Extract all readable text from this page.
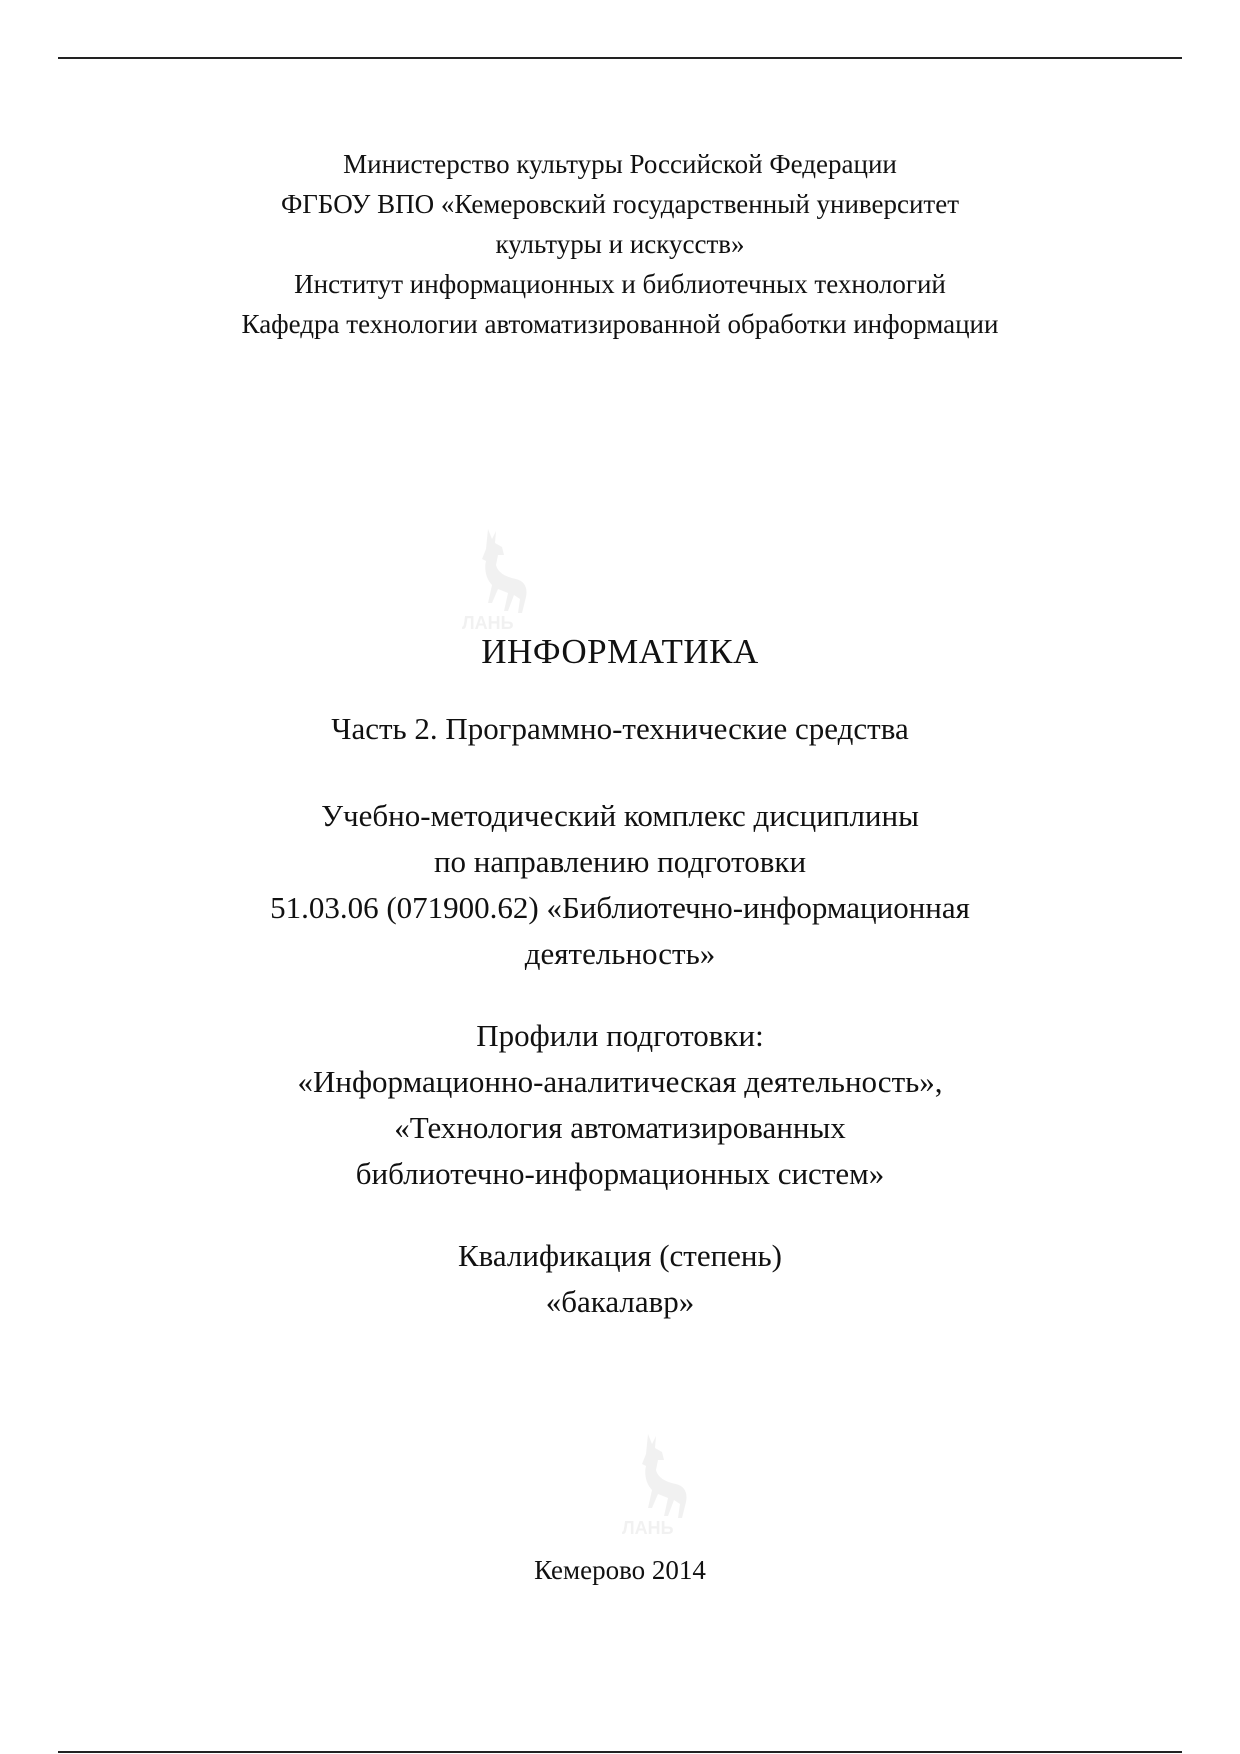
Министерство культуры Российской Федерации
ФГБОУ ВПО «Кемеровский государственный университет
культуры и искусств»
Институт информационных и библиотечных технологий
Кафедра технологии автоматизированной обработки информации
ЛАНЬ
ИНФОРМАТИКА
Часть 2. Программно-технические средства
Учебно-методический комплекс дисциплины
по направлению подготовки
51.03.06 (071900.62) «Библиотечно-информационная
деятельность»
Профили подготовки:
«Информационно-аналитическая деятельность»,
«Технология автоматизированных
библиотечно-информационных систем»
Квалификация (степень)
«бакалавр»
ЛАНЬ
Кемерово 2014
